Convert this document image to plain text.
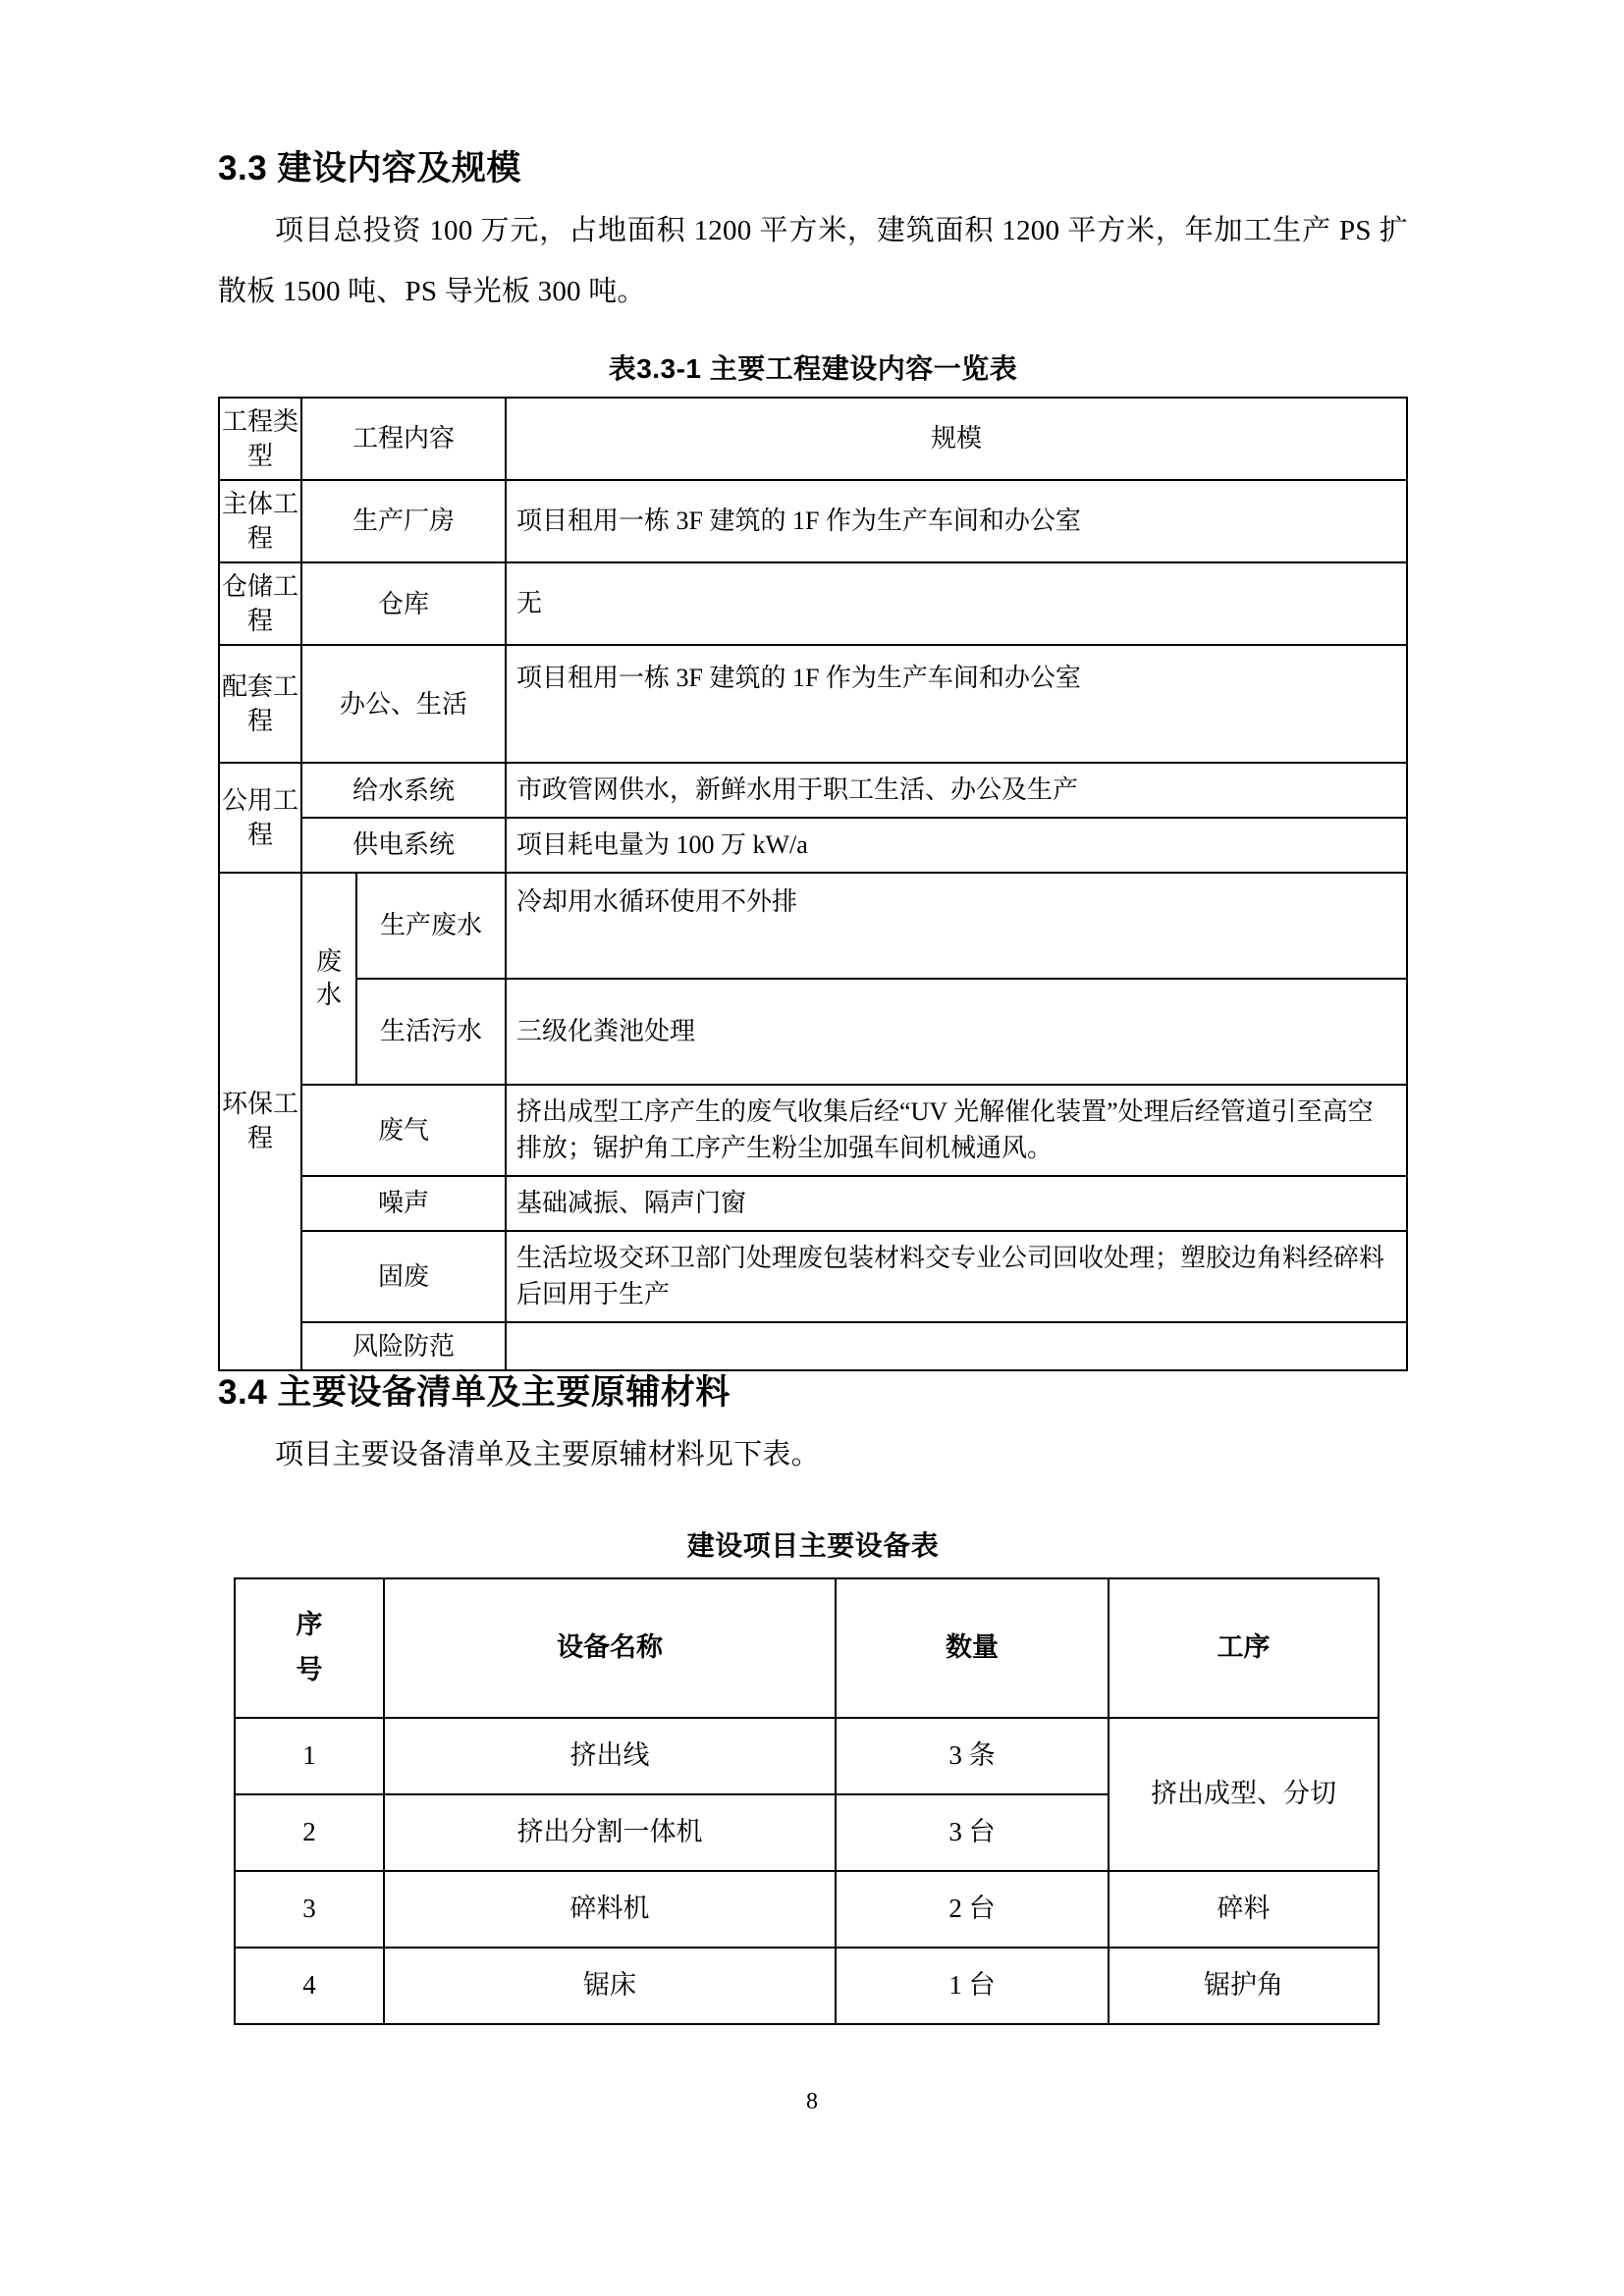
3.3 建设内容及规模

项目总投资 100 万元，占地面积 1200 平方米，建筑面积 1200 平方米，年加工生产 PS 扩散板 1500 吨、PS 导光板 300 吨。

表3.3-1 主要工程建设内容一览表
工程类型	工程内容		规模
主体工程	生产厂房		项目租用一栋 3F 建筑的 1F 作为生产车间和办公室
仓储工程	仓库		无
配套工程	办公、生活		项目租用一栋 3F 建筑的 1F 作为生产车间和办公室
公用工程	给水系统		市政管网供水，新鲜水用于职工生活、办公及生产
	供电系统		项目耗电量为 100 万 kW/a
环保工程	废水	生产废水	冷却用水循环使用不外排
		生活污水	三级化粪池处理
	废气		挤出成型工序产生的废气收集后经“UV 光解催化装置”处理后经管道引至高空排放；锯护角工序产生粉尘加强车间机械通风。
	噪声		基础减振、隔声门窗
	固废		生活垃圾交环卫部门处理废包装材料交专业公司回收处理；塑胶边角料经碎料后回用于生产
	风险防范		
3.4 主要设备清单及主要原辅材料

项目主要设备清单及主要原辅材料见下表。

建设项目主要设备表
序
号	设备名称	数量	工序
1	挤出线	3 条	挤出成型、分切
2	挤出分割一体机	3 台	
3	碎料机	2 台	碎料
4	锯床	1 台	锯护角
8
